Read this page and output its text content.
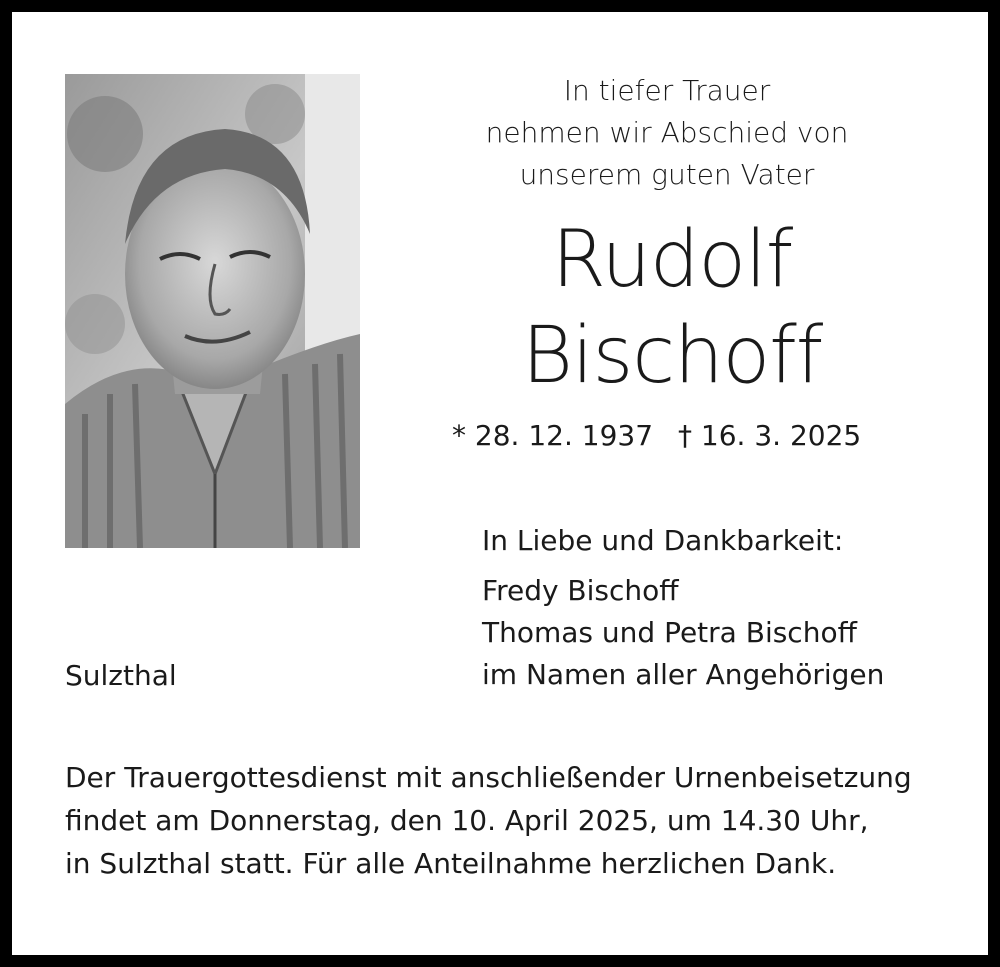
In tiefer Trauer
nehmen wir Abschied von
unserem guten Vater
Rudolf
Bischoff
* 28. 12. 1937 † 16. 3. 2025
In Liebe und Dankbarkeit:
Fredy Bischoff
Thomas und Petra Bischoff
im Namen aller Angehörigen
Sulzthal
Der Trauergottesdienst mit anschließender Urnenbeisetzung
findet am Donnerstag, den 10. April 2025, um 14.30 Uhr,
in Sulzthal statt. Für alle Anteilnahme herzlichen Dank.
